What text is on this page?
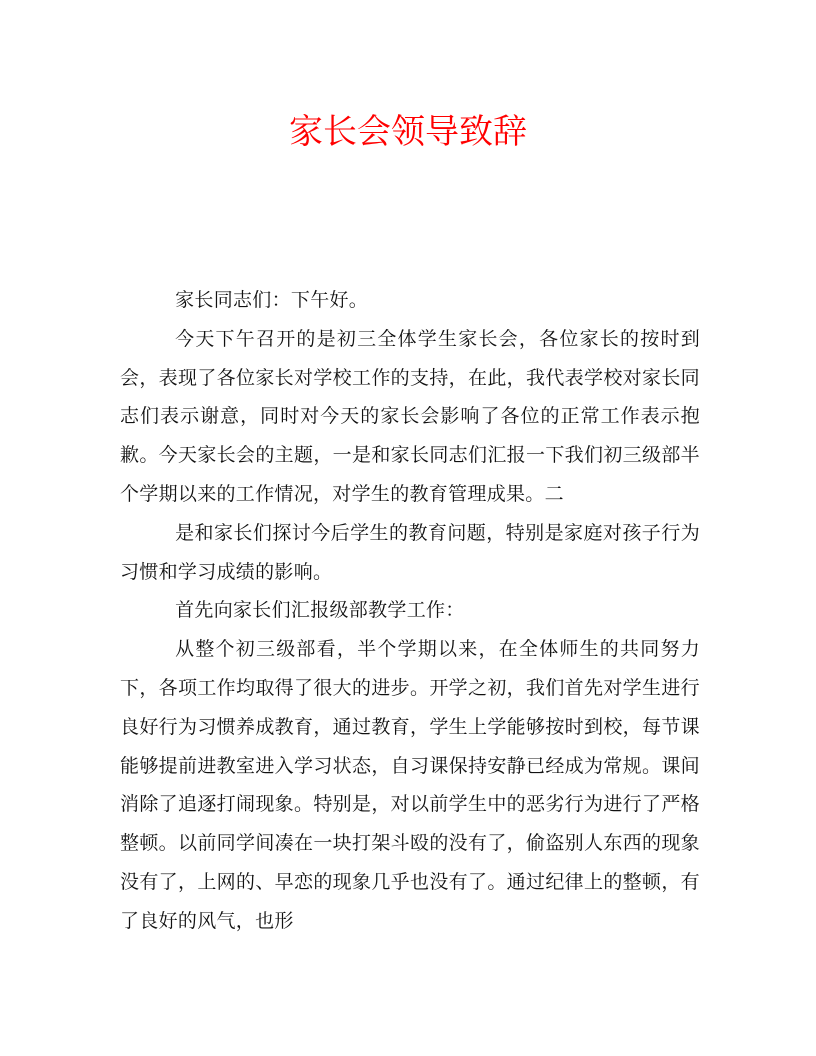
家长会领导致辞

家长同志们：下午好。

今天下午召开的是初三全体学生家长会，各位家长的按时到会，表现了各位家长对学校工作的支持，在此，我代表学校对家长同志们表示谢意，同时对今天的家长会影响了各位的正常工作表示抱歉。今天家长会的主题，一是和家长同志们汇报一下我们初三级部半个学期以来的工作情况，对学生的教育管理成果。二

是和家长们探讨今后学生的教育问题，特别是家庭对孩子行为习惯和学习成绩的影响。

首先向家长们汇报级部教学工作：

从整个初三级部看，半个学期以来，在全体师生的共同努力下，各项工作均取得了很大的进步。开学之初，我们首先对学生进行良好行为习惯养成教育，通过教育，学生上学能够按时到校，每节课能够提前进教室进入学习状态，自习课保持安静已经成为常规。课间消除了追逐打闹现象。特别是，对以前学生中的恶劣行为进行了严格整顿。以前同学间凑在一块打架斗殴的没有了，偷盗别人东西的现象没有了，上网的、早恋的现象几乎也没有了。通过纪律上的整顿，有了良好的风气，也形
